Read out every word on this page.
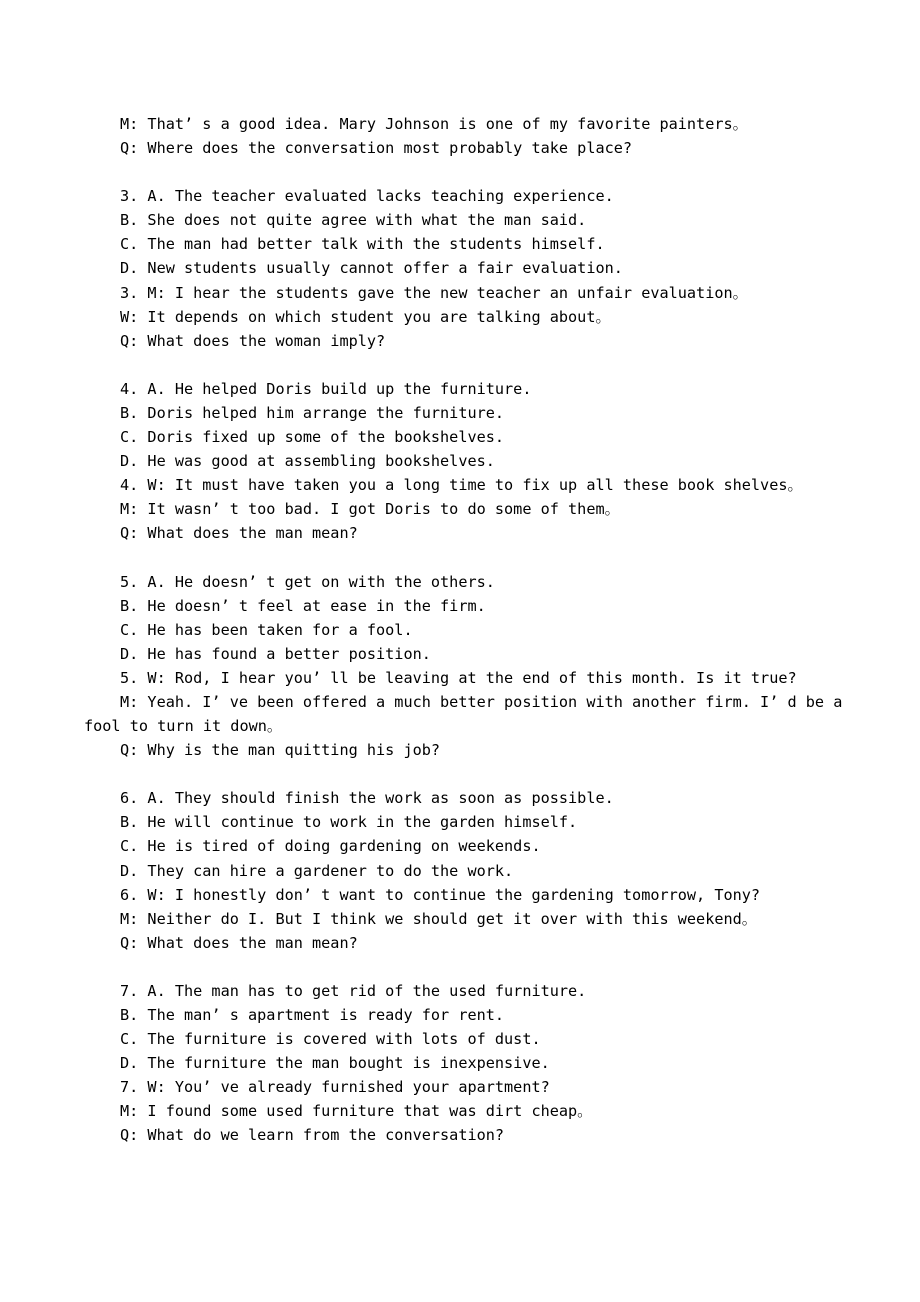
M: That’ s a good idea. Mary Johnson is one of my favorite painters。
Q: Where does the conversation most probably take place?
3. A. The teacher evaluated lacks teaching experience.
B. She does not quite agree with what the man said.
C. The man had better talk with the students himself.
D. New students usually cannot offer a fair evaluation.
3. M: I hear the students gave the new teacher an unfair evaluation。
W: It depends on which student you are talking about。
Q: What does the woman imply?
4. A. He helped Doris build up the furniture.
B. Doris helped him arrange the furniture.
C. Doris fixed up some of the bookshelves.
D. He was good at assembling bookshelves.
4. W: It must have taken you a long time to fix up all these book shelves。
M: It wasn’ t too bad. I got Doris to do some of them。
Q: What does the man mean?
5. A. He doesn’ t get on with the others.
B. He doesn’ t feel at ease in the firm.
C. He has been taken for a fool.
D. He has found a better position.
5. W: Rod, I hear you’ ll be leaving at the end of this month. Is it true?
M: Yeah. I’ ve been offered a much better position with another firm. I’ d be a fool to turn it down。
Q: Why is the man quitting his job?
6. A. They should finish the work as soon as possible.
B. He will continue to work in the garden himself.
C. He is tired of doing gardening on weekends.
D. They can hire a gardener to do the work.
6. W: I honestly don’ t want to continue the gardening tomorrow, Tony?
M: Neither do I. But I think we should get it over with this weekend。
Q: What does the man mean?
7. A. The man has to get rid of the used furniture.
B. The man’ s apartment is ready for rent.
C. The furniture is covered with lots of dust.
D. The furniture the man bought is inexpensive.
7. W: You’ ve already furnished your apartment?
M: I found some used furniture that was dirt cheap。
Q: What do we learn from the conversation?
